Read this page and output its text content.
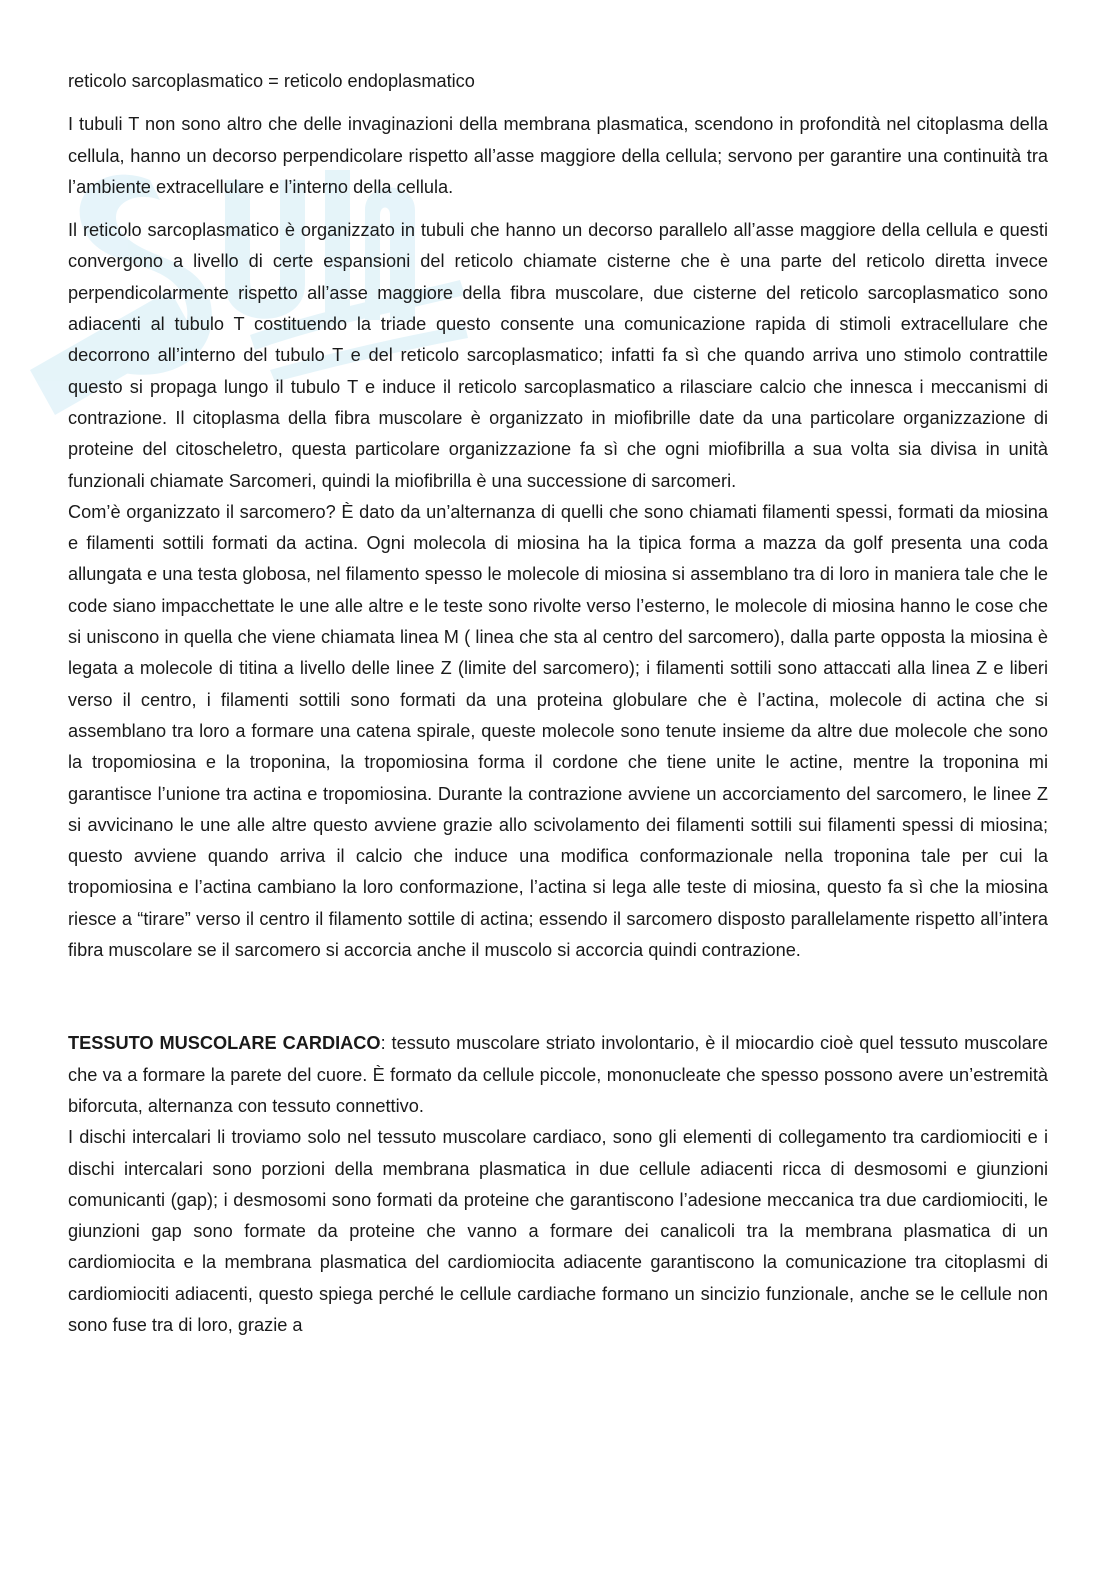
reticolo sarcoplasmatico = reticolo endoplasmatico

I tubuli T non sono altro che delle invaginazioni della membrana plasmatica, scendono in profondità nel citoplasma della cellula, hanno un decorso perpendicolare rispetto all’asse maggiore della cellula; servono per garantire una continuità tra l’ambiente extracellulare e l’interno della cellula.

Il reticolo sarcoplasmatico è organizzato in tubuli che hanno un decorso parallelo all’asse maggiore della cellula e questi convergono a livello di certe espansioni del reticolo chiamate cisterne che è una parte del reticolo diretta invece perpendicolarmente rispetto all’asse maggiore della fibra muscolare, due cisterne del reticolo sarcoplasmatico sono adiacenti al tubulo T costituendo la triade questo consente una comunicazione rapida di stimoli extracellulare che decorrono all’interno del tubulo T e del reticolo sarcoplasmatico; infatti fa sì che quando arriva uno stimolo contrattile questo si propaga lungo il tubulo T e induce il reticolo sarcoplasmatico a rilasciare calcio che innesca i meccanismi di contrazione. Il citoplasma della fibra muscolare è organizzato in miofibrille date da una particolare organizzazione di proteine del citoscheletro, questa particolare organizzazione fa sì che ogni miofibrilla a sua volta sia divisa in unità funzionali chiamate Sarcomeri, quindi la miofibrilla è una successione di sarcomeri.

Com’è organizzato il sarcomero? È dato da un’alternanza di quelli che sono chiamati filamenti spessi, formati da miosina e filamenti sottili formati da actina. Ogni molecola di miosina ha la tipica forma a mazza da golf presenta una coda allungata e una testa globosa, nel filamento spesso le molecole di miosina si assemblano tra di loro in maniera tale che le code siano impacchettate le une alle altre e le teste sono rivolte verso l’esterno, le molecole di miosina hanno le cose che si uniscono in quella che viene chiamata linea M ( linea che sta al centro del sarcomero), dalla parte opposta la miosina è legata a molecole di titina a livello delle linee Z (limite del sarcomero); i filamenti sottili sono attaccati alla linea Z e liberi verso il centro, i filamenti sottili sono formati da una proteina globulare che è l’actina, molecole di actina che si assemblano tra loro a formare una catena spirale, queste molecole sono tenute insieme da altre due molecole che sono la tropomiosina e la troponina, la tropomiosina forma il cordone che tiene unite le actine, mentre la troponina mi garantisce l’unione tra actina e tropomiosina. Durante la contrazione avviene un accorciamento del sarcomero, le linee Z si avvicinano le une alle altre questo avviene grazie allo scivolamento dei filamenti sottili sui filamenti spessi di miosina; questo avviene quando arriva il calcio che induce una modifica conformazionale nella troponina tale per cui la tropomiosina e l’actina cambiano la loro conformazione, l’actina si lega alle teste di miosina, questo fa sì che la miosina riesce a “tirare” verso il centro il filamento sottile di actina; essendo il sarcomero disposto parallelamente rispetto all’intera fibra muscolare se il sarcomero si accorcia anche il muscolo si accorcia quindi contrazione.

TESSUTO MUSCOLARE CARDIACO: tessuto muscolare striato involontario, è il miocardio cioè quel tessuto muscolare che va a formare la parete del cuore. È formato da cellule piccole, mononucleate che spesso possono avere un’estremità biforcuta, alternanza con tessuto connettivo.

I dischi intercalari li troviamo solo nel tessuto muscolare cardiaco, sono gli elementi di collegamento tra cardiomiociti e i dischi intercalari sono porzioni della membrana plasmatica in due cellule adiacenti ricca di desmosomi e giunzioni comunicanti (gap); i desmosomi sono formati da proteine che garantiscono l’adesione meccanica tra due cardiomiociti, le giunzioni gap sono formate da proteine che vanno a formare dei canalicoli tra la membrana plasmatica di un cardiomiocita e la membrana plasmatica del cardiomiocita adiacente garantiscono la comunicazione tra citoplasmi di cardiomiociti adiacenti, questo spiega perché le cellule cardiache formano un sincizio funzionale, anche se le cellule non sono fuse tra di loro, grazie a
